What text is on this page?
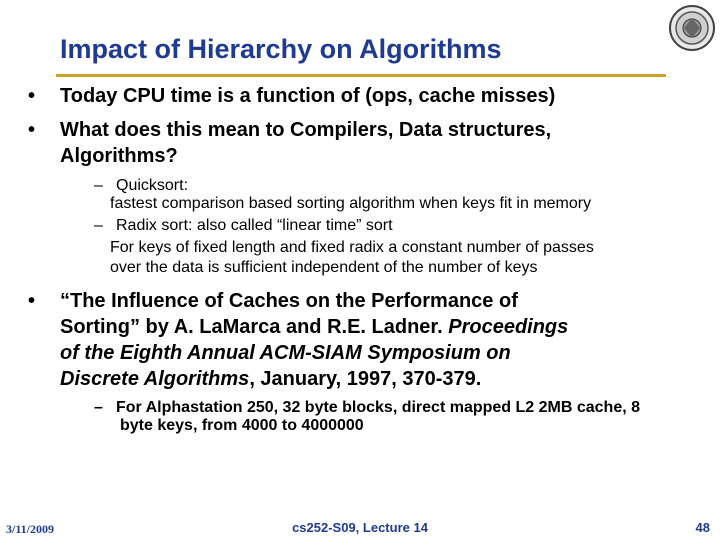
Impact of Hierarchy on Algorithms
• Today CPU time is a function of (ops, cache misses)
• What does this mean to Compilers, Data structures,
Algorithms?
– Quicksort:
fastest comparison based sorting algorithm when keys fit in memory
– Radix sort: also called “linear time” sort
For keys of fixed length and fixed radix a constant number of passes
over the data is sufficient independent of the number of keys
• “The Influence of Caches on the Performance of
Sorting” by A. LaMarca and R.E. Ladner. Proceedings
of the Eighth Annual ACM-SIAM Symposium on
Discrete Algorithms, January, 1997, 370-379.
– For Alphastation 250, 32 byte blocks, direct mapped L2 2MB cache, 8
byte keys, from 4000 to 4000000
3/11/2009	cs252-S09, Lecture 14	48
